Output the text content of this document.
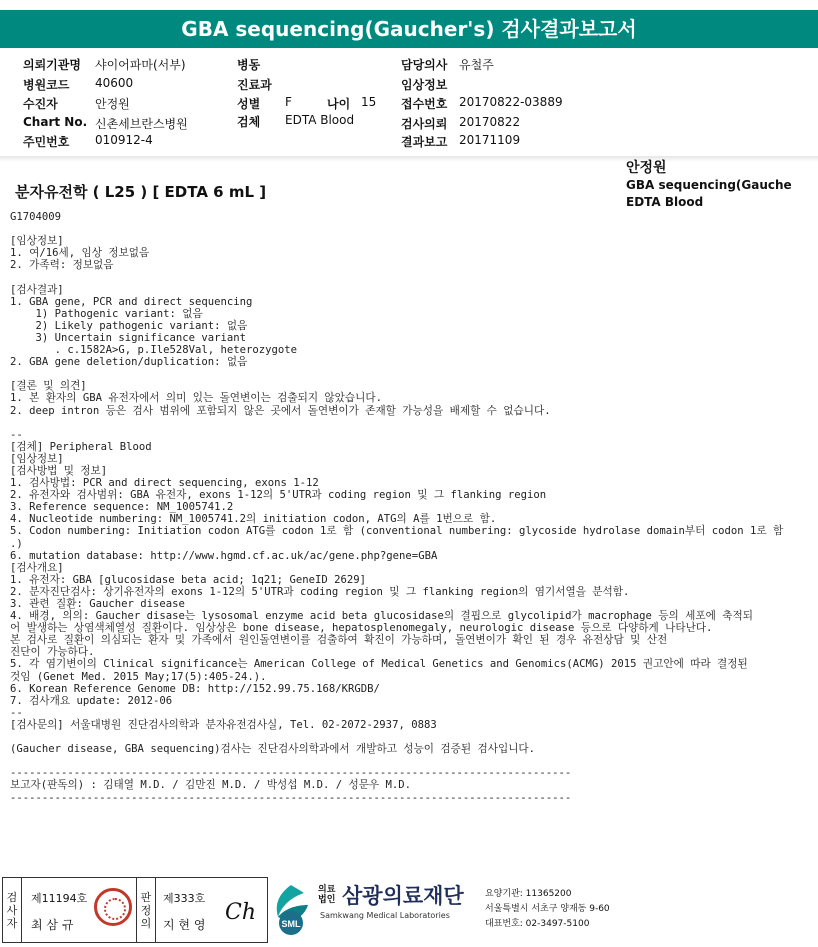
GBA sequencing(Gaucher's) 검사결과보고서
의뢰기관명 샤이어파마(서부)
병원코드 40600
수진자	안정원
Chart No. 신촌세브란스병원
주민번호 010912-4
병동
진료과
성별 F	나이 15
검체 EDTA Blood
담당의사 유철주
임상정보
접수번호 20170822-03889
검사의뢰 20170822
결과보고 20171109
안정원
GBA sequencing(Gauche
EDTA Blood
분자유전학 ( L25 ) [ EDTA 6 mL ]
G1704009
[임상정보]
1. 여/16세, 임상 정보없음
2. 가족력: 정보없음
[검사결과]
1. GBA gene, PCR and direct sequencing
1) Pathogenic variant: 없음
2) Likely pathogenic variant: 없음
3) Uncertain significance variant
. c.1582A>G, p.Ile528Val, heterozygote
2. GBA gene deletion/duplication: 없음
[결론 및 의견]
1. 본 환자의 GBA 유전자에서 의미 있는 돌연변이는 검출되지 않았습니다.
2. deep intron 등은 검사 범위에 포함되지 않은 곳에서 돌연변이가 존재할 가능성을 배제할 수 없습니다.
--
[검체] Peripheral Blood
[임상정보]
[검사방법 및 정보]
1. 검사방법: PCR and direct sequencing, exons 1-12
2. 유전자와 검사범위: GBA 유전자, exons 1-12의 5'UTR과 coding region 및 그 flanking region
3. Reference sequence: NM_1005741.2
4. Nucleotide numbering: NM_1005741.2의 initiation codon, ATG의 A를 1번으로 함.
5. Codon numbering: Initiation codon ATG를 codon 1로 함 (conventional numbering: glycoside hydrolase domain부터 codon 1로 함
.)
6. mutation database: http://www.hgmd.cf.ac.uk/ac/gene.php?gene=GBA
[검사개요]
1. 유전자: GBA [glucosidase beta acid; 1q21; GeneID 2629]
2. 분자진단검사: 상기유전자의 exons 1-12의 5'UTR과 coding region 및 그 flanking region의 염기서열을 분석함.
3. 관련 질환: Gaucher disease
4. 배경, 의의: Gaucher disase는 lysosomal enzyme acid beta glucosidase의 결핍으로 glycolipid가 macrophage 등의 세포에 축적되
어 발생하는 상염색체열성 질환이다. 임상상은 bone disease, hepatosplenomegaly, neurologic disease 등으로 다양하게 나타난다.
본 검사로 질환이 의심되는 환자 및 가족에서 원인돌연변이를 검출하여 확진이 가능하며, 돌연변이가 확인 된 경우 유전상담 및 산전
진단이 가능하다.
5. 각 염기변이의 Clinical significance는 American College of Medical Genetics and Genomics(ACMG) 2015 권고안에 따라 결정된
것임 (Genet Med. 2015 May;17(5):405-24.).
6. Korean Reference Genome DB: http://152.99.75.168/KRGDB/
7. 검사개요 update: 2012-06
--
[검사문의] 서울대병원 진단검사의학과 분자유전검사실, Tel. 02-2072-2937, 0883
(Gaucher disease, GBA sequencing)검사는 진단검사의학과에서 개발하고 성능이 검증된 검사입니다.
----------------------------------------------------------------------------------------
보고자(판독의) : 김태열 M.D. / 김만진 M.D. / 박성섭 M.D. / 성문우 M.D.
----------------------------------------------------------------------------------------
검사자
제11194호
최 삼 규
판정의
제333호
지 현 영 Ch	SML
의료 법인 삼광의료재단
Samkwang Medical Laboratories
요양기관: 11365200
서울특별시 서초구 양재동 9-60
대표번호: 02-3497-5100
